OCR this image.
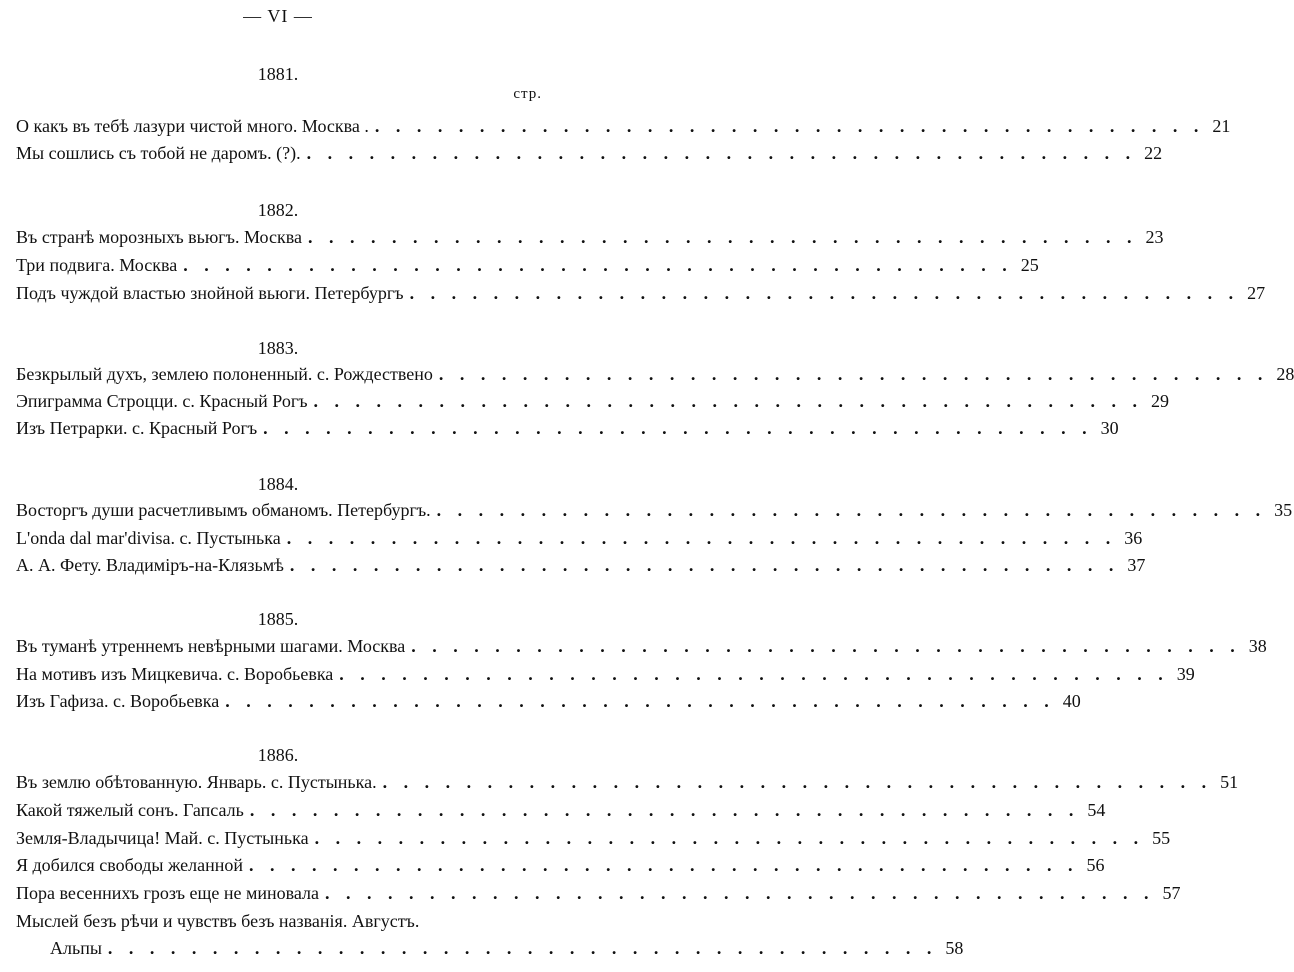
— VI —
1881.
стр.
О какъ въ тебѣ лазури чистой много. Москва . . . . . . . . . . . . . . . . . . . . . . . . . . . . . . . . . . . . . . . . . 21
Мы сошлись съ тобой не даромъ. (?). . . . . . . . . . . . . . . . . . . . . . . . . . . . . . . . . . . . . . . . . 22
1882.
Въ странѣ морозныхъ вьюгъ. Москва . . . . . . . . . . . . . . . . . . . . . . . . . . . . . . . . . . . . . . . . 23
Три подвига. Москва . . . . . . . . . . . . . . . . . . . . . . . . . . . . . . . . . . . . . . . . 25
Подъ чуждой властью знойной вьюги. Петербургъ . . . . . . . . . . . . . . . . . . . . . . . . . . . . . . . . . . . . . . . . 27
1883.
Безкрылый духъ, землею полоненный. с. Рождествено . . . . . . . . . . . . . . . . . . . . . . . . . . . . . . . . . . . . . . . . 28
Эпиграмма Строцци. с. Красный Рогъ . . . . . . . . . . . . . . . . . . . . . . . . . . . . . . . . . . . . . . . . 29
Изъ Петрарки. с. Красный Рогъ . . . . . . . . . . . . . . . . . . . . . . . . . . . . . . . . . . . . . . . . 30
1884.
Восторгъ души расчетливымъ обманомъ. Петербургъ. . . . . . . . . . . . . . . . . . . . . . . . . . . . . . . . . . . . . . . . . 35
L'onda dal mar'divisa. с. Пустынька . . . . . . . . . . . . . . . . . . . . . . . . . . . . . . . . . . . . . . . . 36
А. А. Фету. Владимiръ-на-Клязьмѣ . . . . . . . . . . . . . . . . . . . . . . . . . . . . . . . . . . . . . . . . 37
1885.
Въ туманѣ утреннемъ невѣрными шагами. Москва . . . . . . . . . . . . . . . . . . . . . . . . . . . . . . . . . . . . . . . . 38
На мотивъ изъ Мицкевича. с. Воробьевка . . . . . . . . . . . . . . . . . . . . . . . . . . . . . . . . . . . . . . . . 39
Изъ Гафиза. с. Воробьевка . . . . . . . . . . . . . . . . . . . . . . . . . . . . . . . . . . . . . . . . 40
1886.
Въ землю обѣтованную. Январь. с. Пустынька. . . . . . . . . . . . . . . . . . . . . . . . . . . . . . . . . . . . . . . . . 51
Какой тяжелый сонъ. Гапсаль . . . . . . . . . . . . . . . . . . . . . . . . . . . . . . . . . . . . . . . . 54
Земля-Владычица! Май. с. Пустынька . . . . . . . . . . . . . . . . . . . . . . . . . . . . . . . . . . . . . . . . 55
Я добился свободы желанной . . . . . . . . . . . . . . . . . . . . . . . . . . . . . . . . . . . . . . . . 56
Пора весеннихъ грозъ еще не миновала . . . . . . . . . . . . . . . . . . . . . . . . . . . . . . . . . . . . . . . . 57
Мыслей безъ рѣчи и чувствъ безъ названiя. Августъ.
Альпы . . . . . . . . . . . . . . . . . . . . . . . . . . . . . . . . . . . . . . . . 58
